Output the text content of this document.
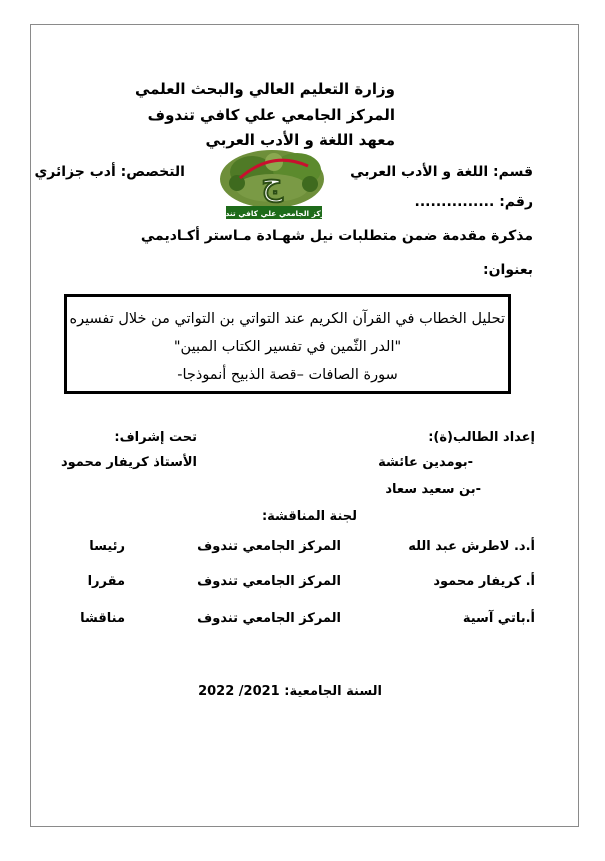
وزارة التعليم العالي والبحث العلمي
المركز الجامعي علي كافي تندوف
معهد اللغة و الأدب العربي
قسم: اللغة و الأدب العربي
التخصص: أدب جزائري
رقم: ...............
ج
المركز الجامعي علي كافي تندوف
مذكرة مقدمة ضمن متطلبات نيل شهـادة مـاستر أكـاديمي
بعنوان:
تحليل الخطاب في القرآن الكريم عند التواتي بن التواتي من خلال تفسيره
"الدر الثّمين في تفسير الكتاب المبين"
سورة الصافات –قصة الذبيح أنموذجا-
إعداد الطالب(ة):
-بومدين عائشة
-بن سعيد سعاد
تحت إشراف:
الأستاذ كريفار محمود
لجنة المناقشة:
أ.د. لاطرش عبد الله
المركز الجامعي تندوف
رئيسا
أ. كريفار محمود
المركز الجامعي تندوف
مقررا
أ.باتي آسية
المركز الجامعي تندوف
مناقشا
السنة الجامعية: 2021/ 2022
